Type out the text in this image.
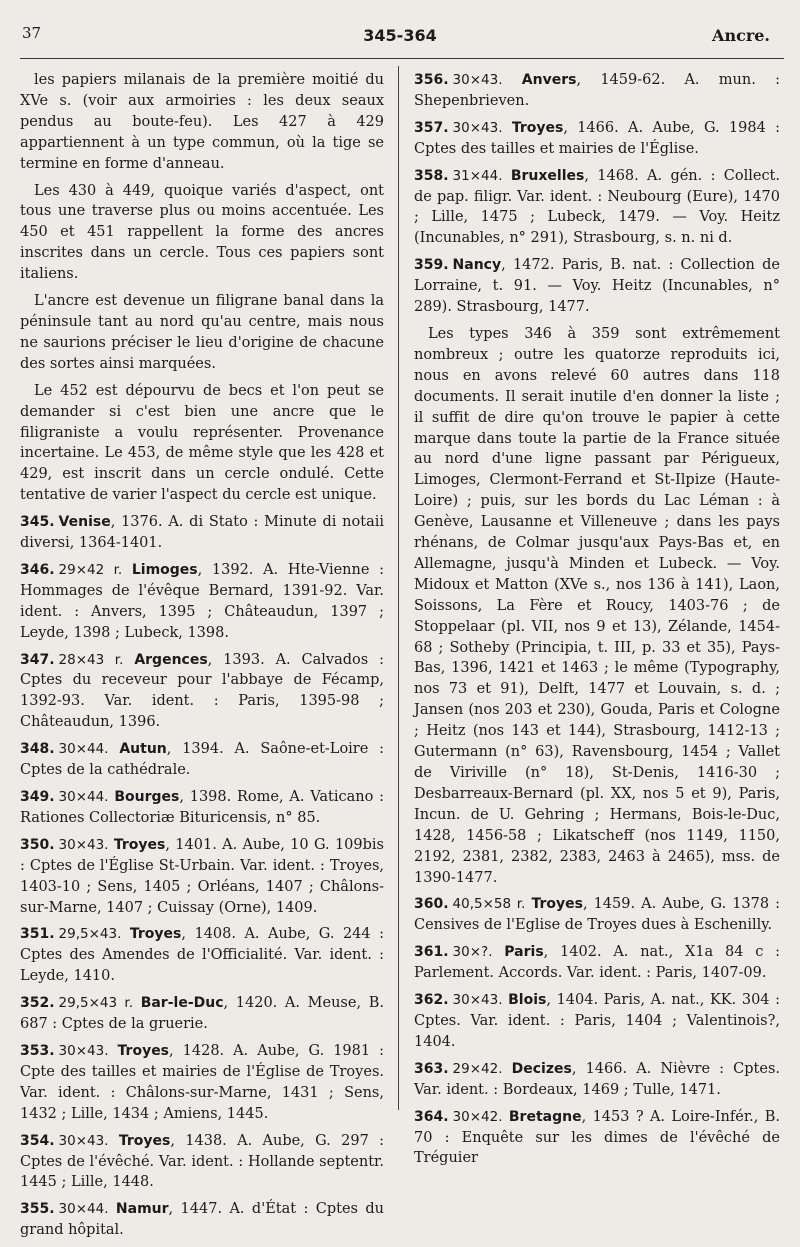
37	345-364	Ancre.

les papiers milanais de la première moitié du XVe s. (voir aux armoiries : les deux seaux pendus au boute-feu). Les 427 à 429 appartiennent à un type commun, où la tige se termine en forme d'anneau.

Les 430 à 449, quoique variés d'aspect, ont tous une traverse plus ou moins accentuée. Les 450 et 451 rappellent la forme des ancres inscrites dans un cercle. Tous ces papiers sont italiens.

L'ancre est devenue un filigrane banal dans la péninsule tant au nord qu'au centre, mais nous ne saurions préciser le lieu d'origine de chacune des sortes ainsi marquées.

Le 452 est dépourvu de becs et l'on peut se demander si c'est bien une ancre que le filigraniste a voulu représenter. Provenance incertaine. Le 453, de même style que les 428 et 429, est inscrit dans un cercle ondulé. Cette tentative de varier l'aspect du cercle est unique.

345. Venise, 1376. A. di Stato : Minute di notaii diversi, 1364-1401.

346. 29×42 r. Limoges, 1392. A. Hte-Vienne : Hommages de l'évêque Bernard, 1391-92. Var. ident. : Anvers, 1395 ; Châteaudun, 1397 ; Leyde, 1398 ; Lubeck, 1398.

347. 28×43 r. Argences, 1393. A. Calvados : Cptes du receveur pour l'abbaye de Fécamp, 1392-93. Var. ident. : Paris, 1395-98 ; Châteaudun, 1396.

348. 30×44. Autun, 1394. A. Saône-et-Loire : Cptes de la cathédrale.

349. 30×44. Bourges, 1398. Rome, A. Vaticano : Rationes Collectoriæ Bituricensis, n° 85.

350. 30×43. Troyes, 1401. A. Aube, 10 G. 109bis : Cptes de l'Église St-Urbain. Var. ident. : Troyes, 1403-10 ; Sens, 1405 ; Orléans, 1407 ; Châlons-sur-Marne, 1407 ; Cuissay (Orne), 1409.

351. 29,5×43. Troyes, 1408. A. Aube, G. 244 : Cptes des Amendes de l'Officialité. Var. ident. : Leyde, 1410.

352. 29,5×43 r. Bar-le-Duc, 1420. A. Meuse, B. 687 : Cptes de la gruerie.

353. 30×43. Troyes, 1428. A. Aube, G. 1981 : Cpte des tailles et mairies de l'Église de Troyes. Var. ident. : Châlons-sur-Marne, 1431 ; Sens, 1432 ; Lille, 1434 ; Amiens, 1445.

354. 30×43. Troyes, 1438. A. Aube, G. 297 : Cptes de l'évêché. Var. ident. : Hollande septentr. 1445 ; Lille, 1448.

355. 30×44. Namur, 1447. A. d'État : Cptes du grand hôpital.

356. 30×43. Anvers, 1459-62. A. mun. : Shepenbrieven.

357. 30×43. Troyes, 1466. A. Aube, G. 1984 : Cptes des tailles et mairies de l'Église.

358. 31×44. Bruxelles, 1468. A. gén. : Collect. de pap. filigr. Var. ident. : Neubourg (Eure), 1470 ; Lille, 1475 ; Lubeck, 1479. — Voy. Heitz (Incunables, n° 291), Strasbourg, s. n. ni d.

359. Nancy, 1472. Paris, B. nat. : Collection de Lorraine, t. 91. — Voy. Heitz (Incunables, n° 289). Strasbourg, 1477.

Les types 346 à 359 sont extrêmement nombreux ; outre les quatorze reproduits ici, nous en avons relevé 60 autres dans 118 documents. Il serait inutile d'en donner la liste ; il suffit de dire qu'on trouve le papier à cette marque dans toute la partie de la France située au nord d'une ligne passant par Périgueux, Limoges, Clermont-Ferrand et St-Ilpize (Haute-Loire) ; puis, sur les bords du Lac Léman : à Genève, Lausanne et Villeneuve ; dans les pays rhénans, de Colmar jusqu'aux Pays-Bas et, en Allemagne, jusqu'à Minden et Lubeck. — Voy. Midoux et Matton (XVe s., nos 136 à 141), Laon, Soissons, La Fère et Roucy, 1403-76 ; de Stoppelaar (pl. VII, nos 9 et 13), Zélande, 1454-68 ; Sotheby (Principia, t. III, p. 33 et 35), Pays-Bas, 1396, 1421 et 1463 ; le même (Typography, nos 73 et 91), Delft, 1477 et Louvain, s. d. ; Jansen (nos 203 et 230), Gouda, Paris et Cologne ; Heitz (nos 143 et 144), Strasbourg, 1412-13 ; Gutermann (n° 63), Ravensbourg, 1454 ; Vallet de Viriville (n° 18), St-Denis, 1416-30 ; Desbarreaux-Bernard (pl. XX, nos 5 et 9), Paris, Incun. de U. Gehring ; Hermans, Bois-le-Duc, 1428, 1456-58 ; Likatscheff (nos 1149, 1150, 2192, 2381, 2382, 2383, 2463 à 2465), mss. de 1390-1477.

360. 40,5×58 r. Troyes, 1459. A. Aube, G. 1378 : Censives de l'Eglise de Troyes dues à Eschenilly.

361. 30×?. Paris, 1402. A. nat., X1a 84 c : Parlement. Accords. Var. ident. : Paris, 1407-09.

362. 30×43. Blois, 1404. Paris, A. nat., KK. 304 : Cptes. Var. ident. : Paris, 1404 ; Valentinois?, 1404.

363. 29×42. Decizes, 1466. A. Nièvre : Cptes. Var. ident. : Bordeaux, 1469 ; Tulle, 1471.

364. 30×42. Bretagne, 1453 ? A. Loire-Infér., B. 70 : Enquête sur les dimes de l'évêché de Tréguier
